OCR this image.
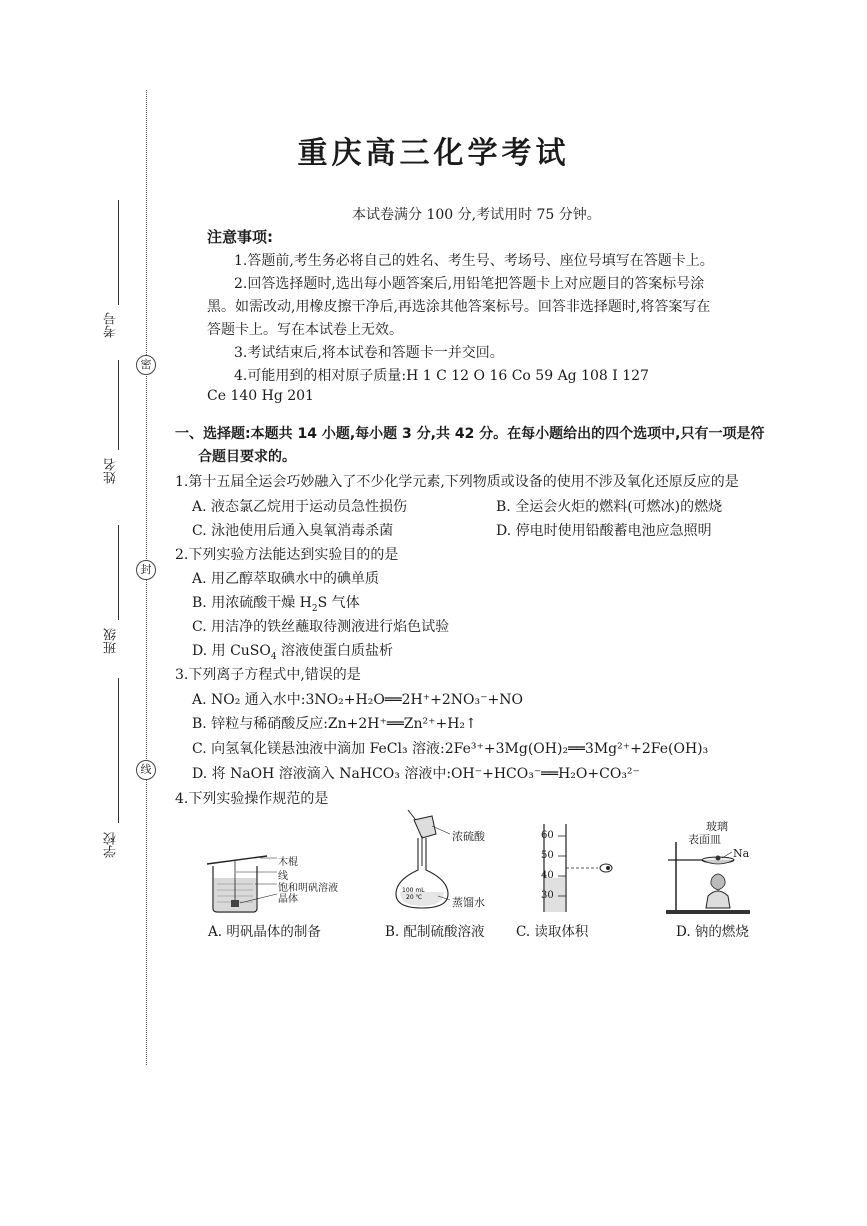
密
封
线
考号
姓名
班级
学校
重庆高三化学考试
本试卷满分 100 分,考试用时 75 分钟。
注意事项:
1.答题前,考生务必将自己的姓名、考生号、考场号、座位号填写在答题卡上。
2.回答选择题时,选出每小题答案后,用铅笔把答题卡上对应题目的答案标号涂
黑。如需改动,用橡皮擦干净后,再选涂其他答案标号。回答非选择题时,将答案写在
答题卡上。写在本试卷上无效。
3.考试结束后,将本试卷和答题卡一并交回。
4.可能用到的相对原子质量:H 1 C 12 O 16 Co 59 Ag 108 I 127
Ce 140 Hg 201
一、选择题:本题共 14 小题,每小题 3 分,共 42 分。在每小题给出的四个选项中,只有一项是符
合题目要求的。
1.第十五届全运会巧妙融入了不少化学元素,下列物质或设备的使用不涉及氧化还原反应的是
A. 液态氯乙烷用于运动员急性损伤	B. 全运会火炬的燃料(可燃冰)的燃烧
C. 泳池使用后通入臭氧消毒杀菌	D. 停电时使用铅酸蓄电池应急照明
2.下列实验方法能达到实验目的的是
A. 用乙醇萃取碘水中的碘单质
B. 用浓硫酸干燥 $H_2S$ 气体
C. 用洁净的铁丝蘸取待测液进行焰色试验
D. 用 CuSO$_4$ 溶液使蛋白质盐析
3.下列离子方程式中,错误的是
A. NO₂ 通入水中:3NO₂+H₂O══2H⁺+2NO₃⁻+NO
B. 锌粒与稀硝酸反应:Zn+2H⁺══Zn²⁺+H₂↑
C. 向氢氧化镁悬浊液中滴加 FeCl₃ 溶液:2Fe³⁺+3Mg(OH)₂══3Mg²⁺+2Fe(OH)₃
D. 将 NaOH 溶液滴入 NaHCO₃ 溶液中:OH⁻+HCO₃⁻══H₂O+CO₃²⁻
4.下列实验操作规范的是
木棍
线
饱和明矾溶液
晶体
A. 明矾晶体的制备
100 mL
20 ℃
浓硫酸
蒸馏水
B. 配制硫酸溶液
60
50
40
30
C. 读取体积
玻璃
表面皿
Na
D. 钠的燃烧
